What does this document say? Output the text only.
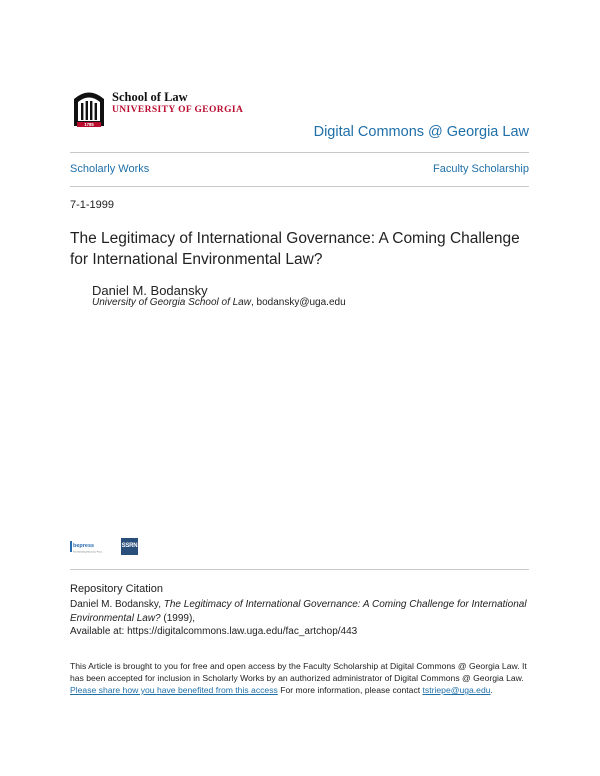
1785
School of Law
UNIVERSITY OF GEORGIA
Digital Commons @ Georgia Law
Scholarly Works	Faculty Scholarship
7-1-1999
The Legitimacy of International Governance: A Coming Challenge for International Environmental Law?
Daniel M. Bodansky
University of Georgia School of Law, bodansky@uga.edu
bepress
The Berkeley Electronic Press
SSRN
Repository Citation
Daniel M. Bodansky, The Legitimacy of International Governance: A Coming Challenge for International Environmental Law? (1999),
Available at: https://digitalcommons.law.uga.edu/fac_artchop/443
This Article is brought to you for free and open access by the Faculty Scholarship at Digital Commons @ Georgia Law. It has been accepted for inclusion in Scholarly Works by an authorized administrator of Digital Commons @ Georgia Law. Please share how you have benefited from this access For more information, please contact tstriepe@uga.edu.
